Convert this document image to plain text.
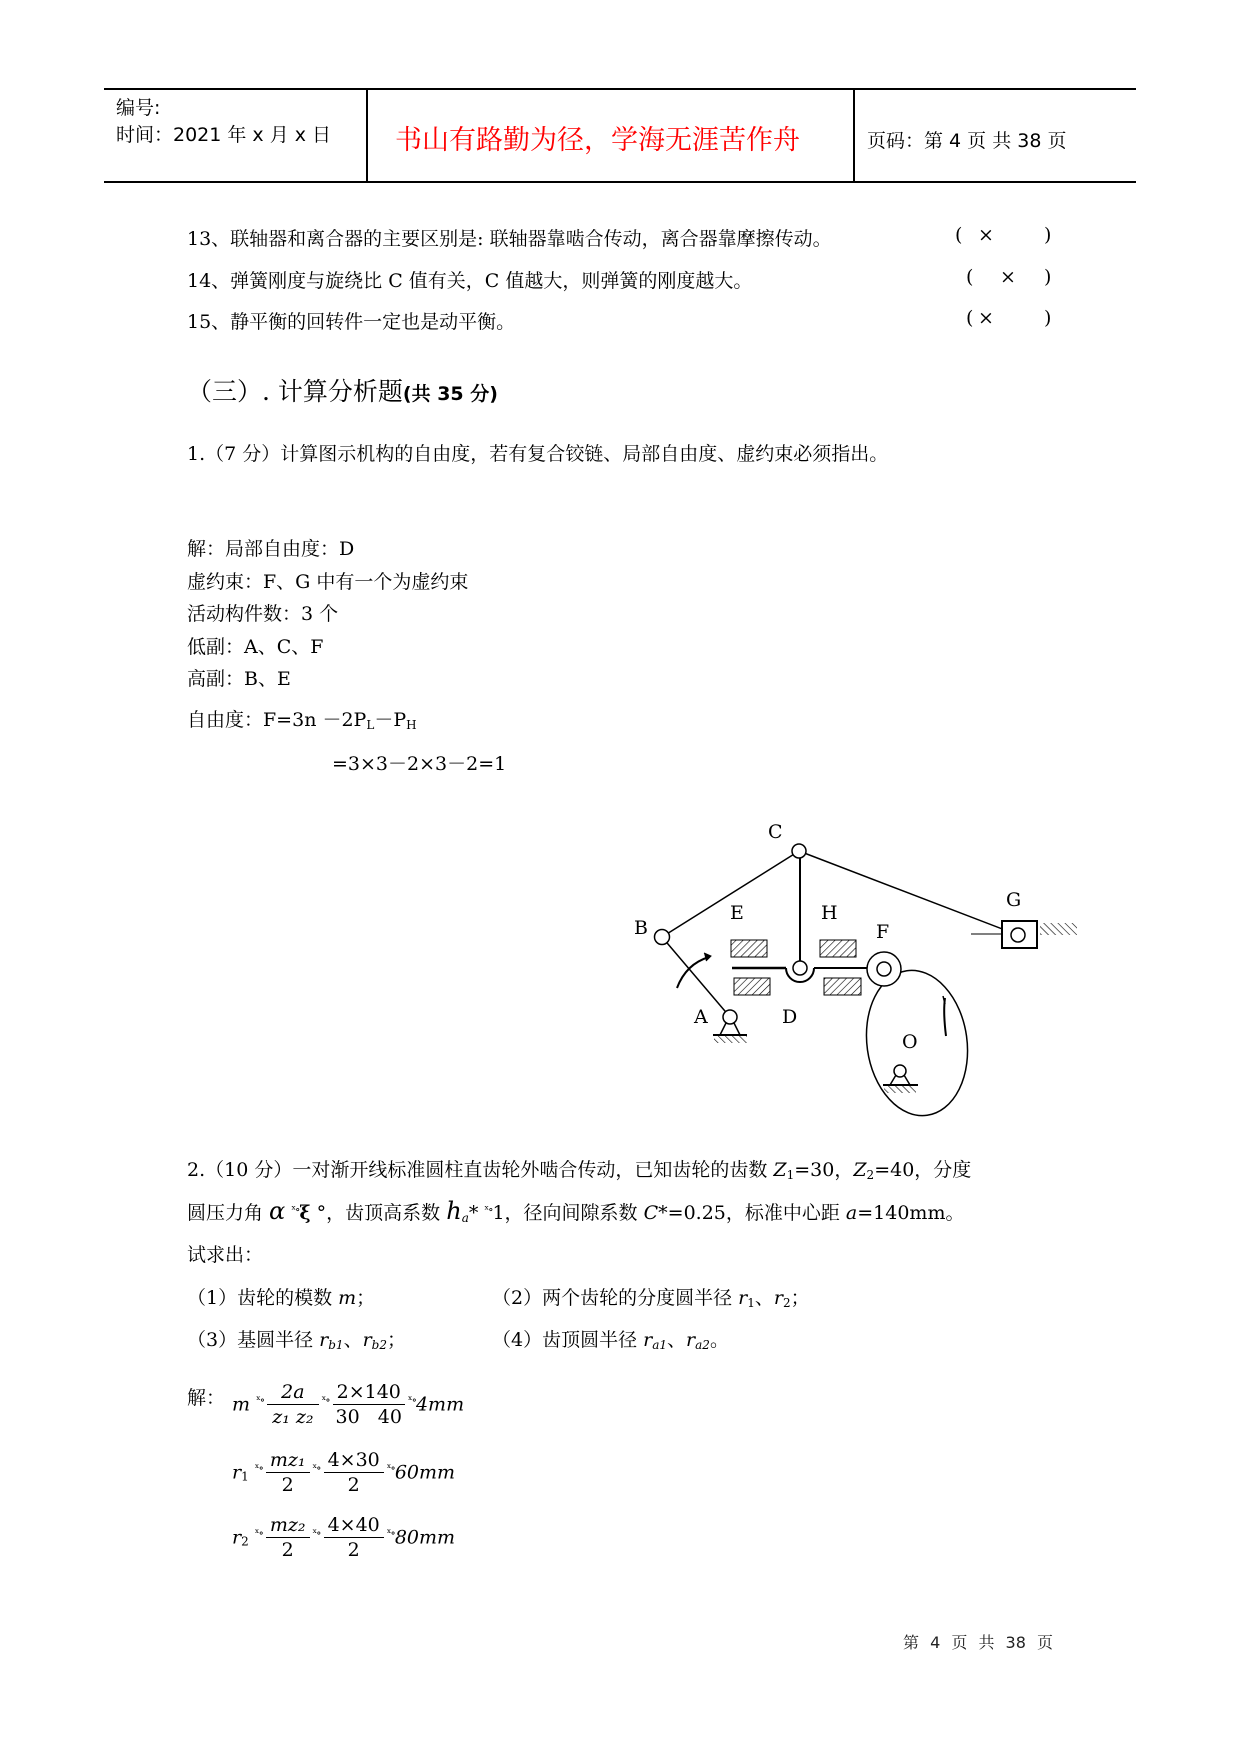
编号:
时间：2021 年 x 月 x 日 书山有路勤为径，学海无涯苦作舟	页码：第 4 页 共 38 页
13、联轴器和离合器的主要区别是: 联轴器靠啮合传动，离合器靠摩擦传动。	( ×	)
14、弹簧刚度与旋绕比 C 值有关，C 值越大，则弹簧的刚度越大。	( × )
15、静平衡的回转件一定也是动平衡。	( ×	)
（三）. 计算分析题(共 35 分)
1.（7 分）计算图示机构的自由度，若有复合铰链、局部自由度、虚约束必须指出。
解：局部自由度：D
虚约束：F、G 中有一个为虚约束
活动构件数：3 个
低副：A、C、F
高副：B、E
自由度：$F=3n -2P_L-P_H$
=3×3－2×3－2=1
C
B
E	H
F
G
A	D
O
2.（10 分）一对渐开线标准圆柱直齿轮外啮合传动，已知齿轮的齿数 $Z_1=30$，$Z_2=40$，分度
圆压力角 α $^{ˣ\circ}$ξ °，齿顶高系数 $h_a*$ $^{ˣ\circ}$1，径向间隙系数 C*=0.25，标准中心距 a=140mm。
试求出：
（1）齿轮的模数 m；	（2）两个齿轮的分度圆半径 $r_1$、$r_2$；
（3）基圆半径 $r_{b1}$、$r_{b2}$；	（4）齿顶圆半径 $r_{a1}$、$r_{a2}$。
解： m $^{ˣ\circ} \frac{2a}{\text{z₁ z₂}} ^{ˣ\circ} \frac{2\times 140}{30 40} ^{ˣ\circ}4mm$
$r_1$ $^{ˣ\circ} \frac{\text{mz₁}}{2} ^{ˣ\circ} \frac{4\times 30}{2} ^{ˣ\circ}60mm$
$r_2$ $^{ˣ\circ} \frac{\text{mz₂}}{2} ^{ˣ\circ} \frac{4\times 40}{2} ^{ˣ\circ}80mm$
第 4 页 共 38 页
